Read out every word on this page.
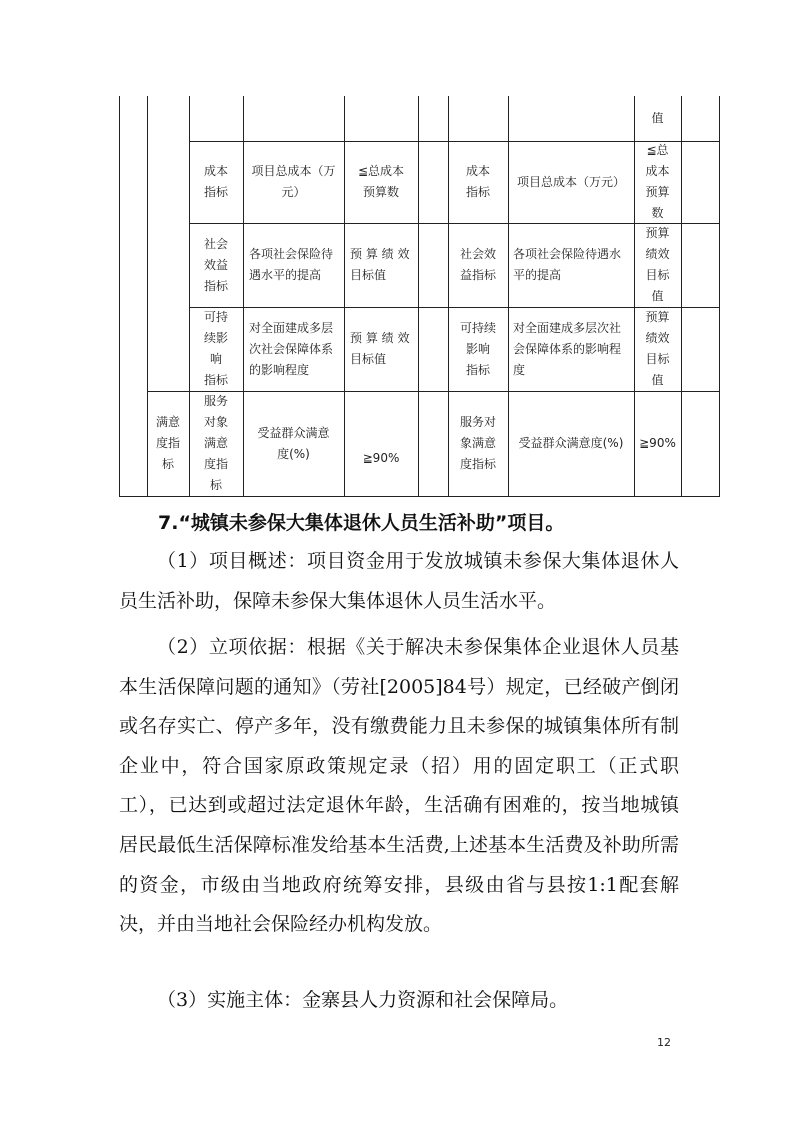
值
成本
指标
项目总成本（万
元）
≦总成本
预算数
成本
指标
项目总成本（万元）
≦总
成本
预算
数
社会
效益
指标
各项社会保险待
遇水平的提高
预 算 绩 效
目标值
社会效
益指标
各项社会保险待遇水
平的提高
预算
绩效
目标
值
可持
续影
响
指标
对全面建成多层
次社会保障体系
的影响程度
预 算 绩 效
目标值
可持续
影响
指标
对全面建成多层次社
会保障体系的影响程
度
预算
绩效
目标
值
满意
度指
标
服务
对象
满意
度指
标
受益群众满意
度(%)	≧90%
服务对
象满意
度指标
受益群众满意度(%)	≧90%
7.“城镇未参保大集体退休人员生活补助”项目。

（1）项目概述：项目资金用于发放城镇未参保大集体退休人员生活补助，保障未参保大集体退休人员生活水平。

（2）立项依据：根据《关于解决未参保集体企业退休人员基本生活保障问题的通知》（劳社[2005]84号）规定，已经破产倒闭或名存实亡、停产多年，没有缴费能力且未参保的城镇集体所有制企业中，符合国家原政策规定录（招）用的固定职工（正式职工），已达到或超过法定退休年龄，生活确有困难的，按当地城镇居民最低生活保障标准发给基本生活费,上述基本生活费及补助所需的资金，市级由当地政府统筹安排，县级由省与县按1:1配套解决，并由当地社会保险经办机构发放。

（3）实施主体：金寨县人力资源和社会保障局。

12
